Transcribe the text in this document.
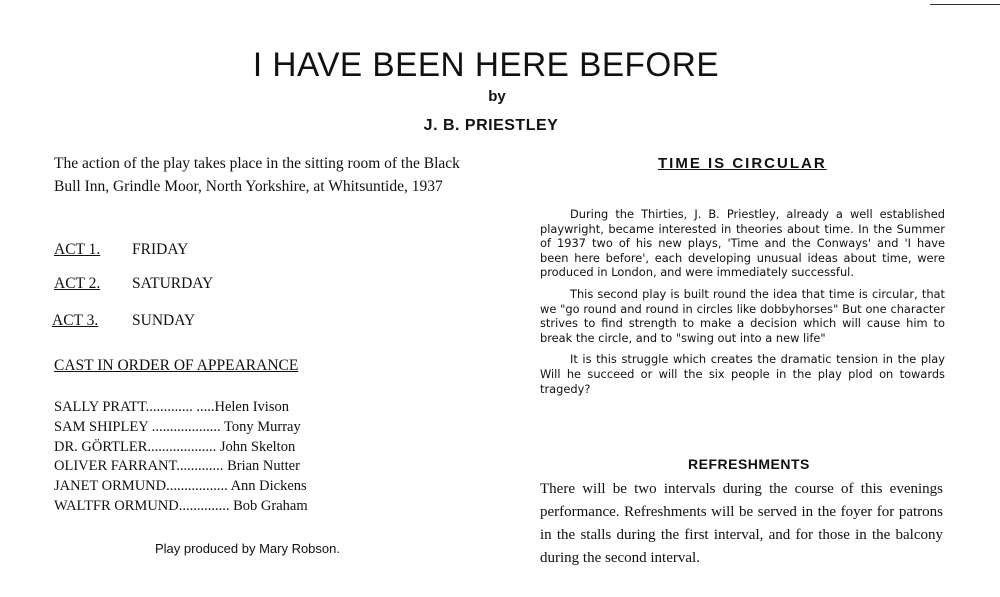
I HAVE BEEN HERE BEFORE
by
J. B. PRIESTLEY
The action of the play takes place in the sitting room of the Black Bull Inn, Grindle Moor, North Yorkshire, at Whitsuntide, 1937
ACT 1. FRIDAY
ACT 2. SATURDAY
ACT 3. SUNDAY
CAST IN ORDER OF APPEARANCE
SALLY PRATT............. .....Helen Ivison
SAM SHIPLEY ................... Tony Murray
DR. GÖRTLER................... John Skelton
OLIVER FARRANT............. Brian Nutter
JANET ORMUND................. Ann Dickens
WALTFR ORMUND.............. Bob Graham
Play produced by Mary Robson.
TIME IS CIRCULAR

During the Thirties, J. B. Priestley, already a well established playwright, became interested in theories about time. In the Summer of 1937 two of his new plays, 'Time and the Conways' and 'I have been here before', each developing unusual ideas about time, were produced in London, and were immediately successful.

This second play is built round the idea that time is circular, that we "go round and round in circles like dobbyhorses" But one character strives to find strength to make a decision which will cause him to break the circle, and to "swing out into a new life"

It is this struggle which creates the dramatic tension in the play Will he succeed or will the six people in the play plod on towards tragedy?

REFRESHMENTS
There will be two intervals during the course of this evenings performance. Refreshments will be served in the foyer for patrons in the stalls during the first interval, and for those in the balcony during the second interval.
